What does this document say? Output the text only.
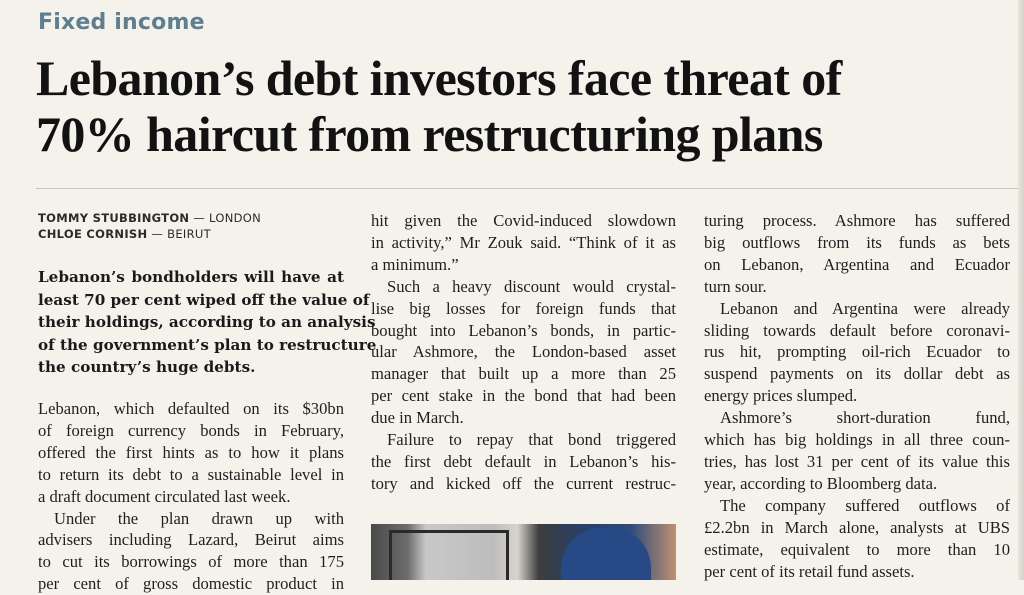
Fixed income
Lebanon’s debt investors face threat of
70% haircut from restructuring plans
TOMMY STUBBINGTON — LONDON
CHLOE CORNISH — BEIRUT
Lebanon’s bondholders will have at
least 70 per cent wiped off the value of
their holdings, according to an analysis
of the government’s plan to restructure
the country’s huge debts.
Lebanon, which defaulted on its $30bn
of foreign currency bonds in February,
offered the first hints as to how it plans
to return its debt to a sustainable level in
a draft document circulated last week.
Under the plan drawn up with
advisers including Lazard, Beirut aims
to cut its borrowings of more than 175
per cent of gross domestic product in
hit given the Covid-induced slowdown
in activity,” Mr Zouk said. “Think of it as
a minimum.”
Such a heavy discount would crystal-
lise big losses for foreign funds that
bought into Lebanon’s bonds, in partic-
ular Ashmore, the London-based asset
manager that built up a more than 25
per cent stake in the bond that had been
due in March.
Failure to repay that bond triggered
the first debt default in Lebanon’s his-
tory and kicked off the current restruc-
turing process. Ashmore has suffered
big outflows from its funds as bets
on Lebanon, Argentina and Ecuador
turn sour.
Lebanon and Argentina were already
sliding towards default before coronavi-
rus hit, prompting oil-rich Ecuador to
suspend payments on its dollar debt as
energy prices slumped.
Ashmore’s short-duration fund,
which has big holdings in all three coun-
tries, has lost 31 per cent of its value this
year, according to Bloomberg data.
The company suffered outflows of
£2.2bn in March alone, analysts at UBS
estimate, equivalent to more than 10
per cent of its retail fund assets.
